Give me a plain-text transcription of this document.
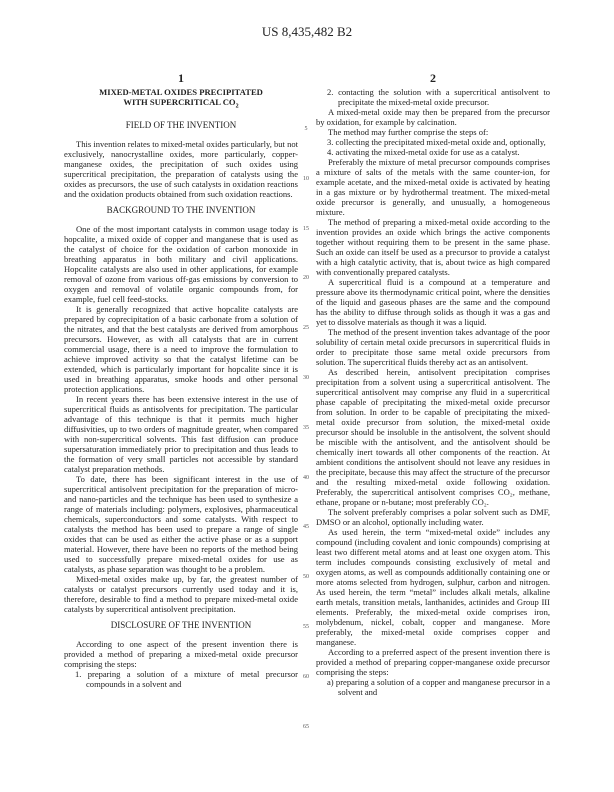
US 8,435,482 B2
1
MIXED-METAL OXIDES PRECIPITATED
WITH SUPERCRITICAL $CO_2$
FIELD OF THE INVENTION

This invention relates to mixed-metal oxides particularly, but not exclusively, nanocrystalline oxides, more particularly, copper-manganese oxides, the precipitation of such oxides using supercritical precipitation, the preparation of catalysts using the oxides as precursors, the use of such catalysts in oxidation reactions and the oxidation products obtained from such oxidation reactions.

BACKGROUND TO THE INVENTION

One of the most important catalysts in common usage today is hopcalite, a mixed oxide of copper and manganese that is used as the catalyst of choice for the oxidation of carbon monoxide in breathing apparatus in both military and civil applications. Hopcalite catalysts are also used in other applications, for example removal of ozone from various off-gas emissions by conversion to oxygen and removal of volatile organic compounds from, for example, fuel cell feed-stocks.

It is generally recognized that active hopcalite catalysts are prepared by coprecipitation of a basic carbonate from a solution of the nitrates, and that the best catalysts are derived from amorphous precursors. However, as with all catalysts that are in current commercial usage, there is a need to improve the formulation to achieve improved activity so that the catalyst lifetime can be extended, which is particularly important for hopcalite since it is used in breathing apparatus, smoke hoods and other personal protection applications.

In recent years there has been extensive interest in the use of supercritical fluids as antisolvents for precipitation. The particular advantage of this technique is that it permits much higher diffusivities, up to two orders of magnitude greater, when compared with non-supercritical solvents. This fast diffusion can produce supersaturation immediately prior to precipitation and thus leads to the formation of very small particles not accessible by standard catalyst preparation methods.

To date, there has been significant interest in the use of supercritical antisolvent precipitation for the preparation of micro- and nano-particles and the technique has been used to synthesize a range of materials including: polymers, explosives, pharmaceutical chemicals, superconductors and some catalysts. With respect to catalysts the method has been used to prepare a range of single oxides that can be used as either the active phase or as a support material. However, there have been no reports of the method being used to successfully prepare mixed-metal oxides for use as catalysts, as phase separation was thought to be a problem.

Mixed-metal oxides make up, by far, the greatest number of catalysts or catalyst precursors currently used today and it is, therefore, desirable to find a method to prepare mixed-metal oxide catalysts by supercritical antisolvent precipitation.

DISCLOSURE OF THE INVENTION

According to one aspect of the present invention there is provided a method of preparing a mixed-metal oxide precursor comprising the steps:

1. preparing a solution of a mixture of metal precursor compounds in a solvent and

2

2. contacting the solution with a supercritical antisolvent to precipitate the mixed-metal oxide precursor.

A mixed-metal oxide may then be prepared from the precursor by oxidation, for example by calcination.

The method may further comprise the steps of:

3. collecting the precipitated mixed-metal oxide and, optionally,

4. activating the mixed-metal oxide for use as a catalyst.

Preferably the mixture of metal precursor compounds comprises a mixture of salts of the metals with the same counter-ion, for example acetate, and the mixed-metal oxide is activated by heating in a gas mixture or by hydrothermal treatment. The mixed-metal oxide precursor is generally, and unusually, a homogeneous mixture.

The method of preparing a mixed-metal oxide according to the invention provides an oxide which brings the active components together without requiring them to be present in the same phase. Such an oxide can itself be used as a precursor to provide a catalyst with a high catalytic activity, that is, about twice as high compared with conventionally prepared catalysts.

A supercritical fluid is a compound at a temperature and pressure above its thermodynamic critical point, where the densities of the liquid and gaseous phases are the same and the compound has the ability to diffuse through solids as though it was a gas and yet to dissolve materials as though it was a liquid.

The method of the present invention takes advantage of the poor solubility of certain metal oxide precursors in supercritical fluids in order to precipitate those same metal oxide precursors from solution. The supercritical fluids thereby act as an antisolvent.

As described herein, antisolvent precipitation comprises precipitation from a solvent using a supercritical antisolvent. The supercritical antisolvent may comprise any fluid in a supercritical phase capable of precipitating the mixed-metal oxide precursor from solution. In order to be capable of precipitating the mixed-metal oxide precursor from solution, the mixed-metal oxide precursor should be insoluble in the antisolvent, the solvent should be miscible with the antisolvent, and the antisolvent should be chemically inert towards all other components of the reaction. At ambient conditions the antisolvent should not leave any residues in the precipitate, because this may affect the structure of the precursor and the resulting mixed-metal oxide following oxidation. Preferably, the supercritical antisolvent comprises CO₂, methane, ethane, propane or n-butane; most preferably CO₂.

The solvent preferably comprises a polar solvent such as DMF, DMSO or an alcohol, optionally including water.

As used herein, the term “mixed-metal oxide” includes any compound (including covalent and ionic compounds) comprising at least two different metal atoms and at least one oxygen atom. This term includes compounds consisting exclusively of metal and oxygen atoms, as well as compounds additionally containing one or more atoms selected from hydrogen, sulphur, carbon and nitrogen. As used herein, the term “metal” includes alkali metals, alkaline earth metals, transition metals, lanthanides, actinides and Group III elements. Preferably, the mixed-metal oxide comprises iron, molybdenum, nickel, cobalt, copper and manganese. More preferably, the mixed-metal oxide comprises copper and manganese.

According to a preferred aspect of the present invention there is provided a method of preparing copper-manganese oxide precursor comprising the steps:

a) preparing a solution of a copper and manganese precursor in a solvent and

5
10
15
20
25
30
35
40
45
50
55
60
65
